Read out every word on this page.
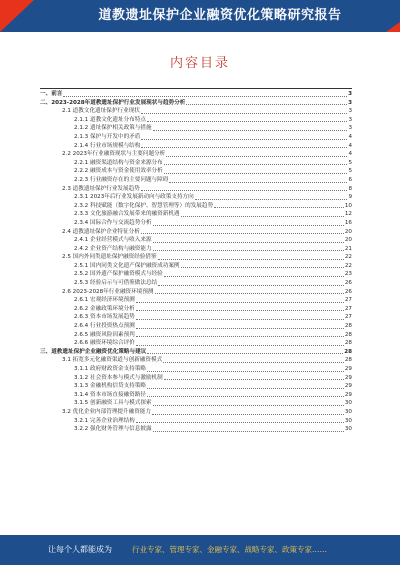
道教遗址保护企业融资优化策略研究报告
内容目录
一、前言	3
二、2023-2028年道教遗址保护行业发展现状与趋势分析	3
2.1 道教文化遗址保护行业现状	3
2.1.1 道教文化遗址分布特点	3
2.1.2 遗址保护相关政策与措施	3
2.1.3 保护与开发中的矛盾	4
2.1.4 行业市场规模与结构	4
2.2 2023年行业融资现状与主要问题分析	4
2.2.1 融资渠道结构与资金来源分布	5
2.2.2 融资成本与资金使用效率分析	5
2.2.3 行业融资存在的主要问题与障碍	6
2.3 道教遗址保护行业发展趋势	8
2.3.1 2023年后行业发展新动向与政策支持方向	9
2.3.2 科技赋能（数字化保护、智慧管理等）的发展趋势	10
2.3.3 文化旅游融合发展带来的融资新机遇	12
2.3.4 国际合作与交流趋势分析	16
2.4 道教遗址保护企业特征分析	20
2.4.1 企业经营模式与收入来源	20
2.4.2 企业资产结构与融资能力	21
2.5 国内外同类遗址保护融资经验借鉴	22
2.5.1 国内同类文化遗产保护融资成功案例	22
2.5.2 国外遗产保护融资模式与经验	23
2.5.3 经验启示与可借鉴做法总结	26
2.6 2023-2028年行业融资环境预测	26
2.6.1 宏观经济环境预测	27
2.6.2 金融政策环境分析	27
2.6.3 资本市场发展趋势	27
2.6.4 行业投资热点预测	28
2.6.5 融资风险因素预判	28
2.6.6 融资环境综合评价	28
三、道教遗址保护企业融资优化策略与建议	28
3.1 拓宽多元化融资渠道与创新融资模式	28
3.1.1 政府财政资金支持策略	29
3.1.2 社会资本参与模式与激励机制	29
3.1.3 金融机构信贷支持策略	29
3.1.4 资本市场直接融资路径	29
3.1.5 创新融资工具与模式探索	30
3.2 优化企业内部管理提升融资能力	30
3.2.1 完善企业治理结构	30
3.2.2 强化财务管理与信息披露	30
让每个人都能成为	行业专家、管理专家、金融专家、战略专家、政策专家……
